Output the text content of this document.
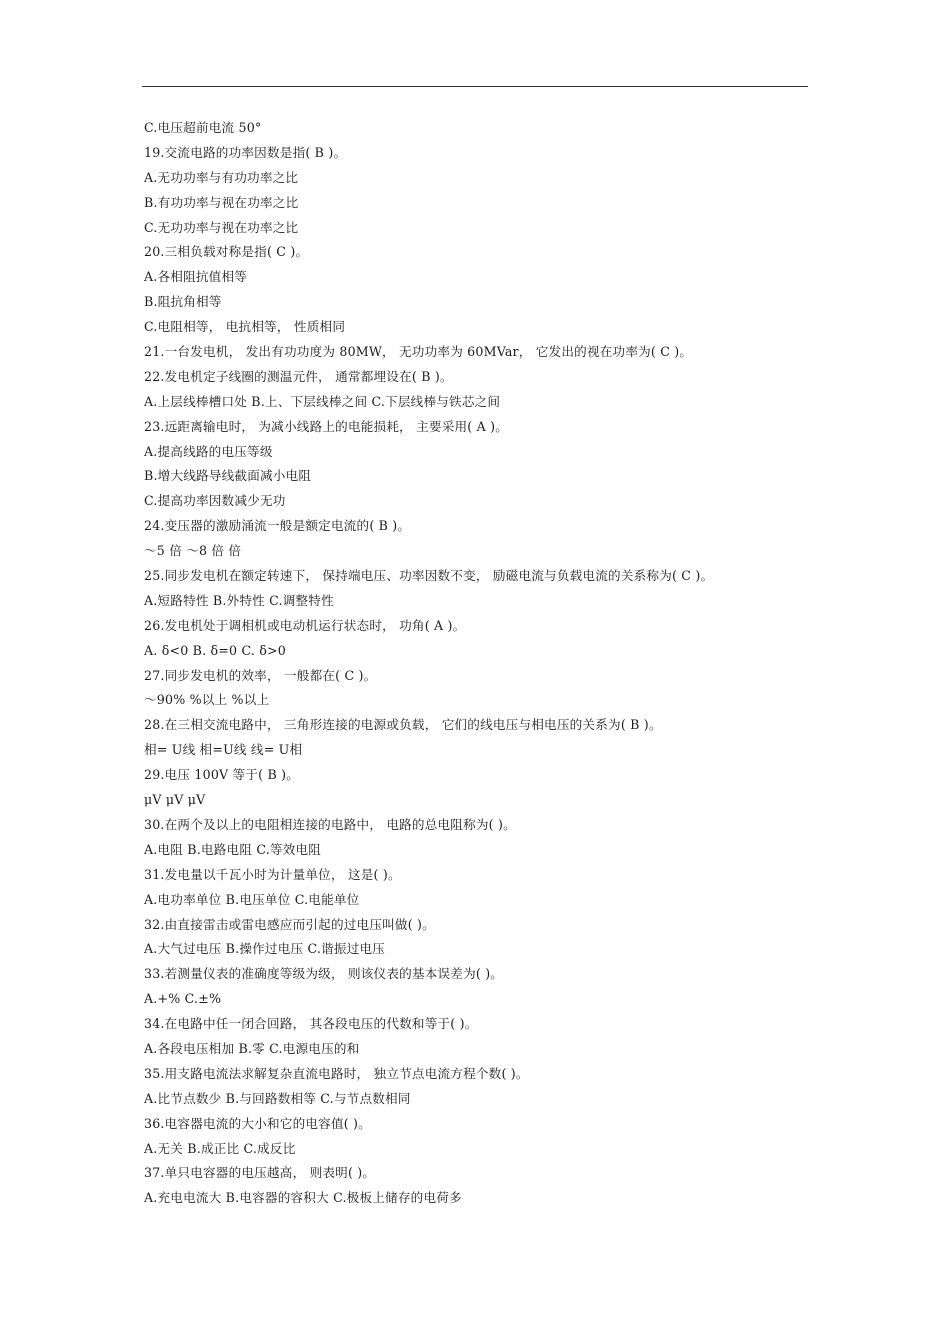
C.电压超前电流 50°
19.交流电路的功率因数是指( B )。
A.无功功率与有功功率之比
B.有功功率与视在功率之比
C.无功功率与视在功率之比
20.三相负载对称是指( C )。
A.各相阻抗值相等
B.阻抗角相等
C.电阻相等， 电抗相等， 性质相同
21.一台发电机， 发出有功功度为 80MW， 无功功率为 60MVar， 它发出的视在功率为( C )。
22.发电机定子线圈的测温元件， 通常都埋设在( B )。
A.上层线棒槽口处 B.上、下层线棒之间 C.下层线棒与铁芯之间
23.远距离输电时， 为减小线路上的电能损耗， 主要采用( A )。
A.提高线路的电压等级
B.增大线路导线截面减小电阻
C.提高功率因数减少无功
24.变压器的激励涌流一般是额定电流的( B )。
～5 倍 ～8 倍 倍
25.同步发电机在额定转速下， 保持端电压、功率因数不变， 励磁电流与负载电流的关系称为( C )。
A.短路特性 B.外特性 C.调整特性
26.发电机处于调相机或电动机运行状态时， 功角( A )。
A. δ<0 B. δ=0 C. δ>0
27.同步发电机的效率， 一般都在( C )。
～90% %以上 %以上
28.在三相交流电路中， 三角形连接的电源或负载， 它们的线电压与相电压的关系为( B )。
相= U线 相=U线 线= U相
29.电压 100V 等于( B )。
μV μV μV
30.在两个及以上的电阻相连接的电路中， 电路的总电阻称为( )。
A.电阻 B.电路电阻 C.等效电阻
31.发电量以千瓦小时为计量单位， 这是( )。
A.电功率单位 B.电压单位 C.电能单位
32.由直接雷击或雷电感应而引起的过电压叫做( )。
A.大气过电压 B.操作过电压 C.谐振过电压
33.若测量仪表的准确度等级为级， 则该仪表的基本误差为( )。
A.+% C.±%
34.在电路中任一闭合回路， 其各段电压的代数和等于( )。
A.各段电压相加 B.零 C.电源电压的和
35.用支路电流法求解复杂直流电路时， 独立节点电流方程个数( )。
A.比节点数少 B.与回路数相等 C.与节点数相同
36.电容器电流的大小和它的电容值( )。
A.无关 B.成正比 C.成反比
37.单只电容器的电压越高， 则表明( )。
A.充电电流大 B.电容器的容积大 C.极板上储存的电荷多
